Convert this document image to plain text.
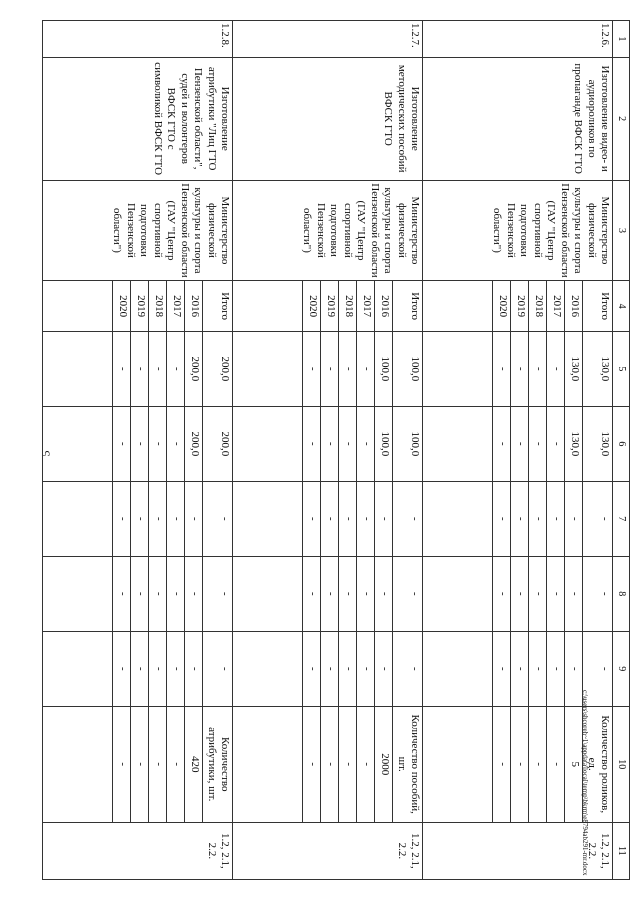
5
1	2	3	4	5	6	7	8	9	10	11
1.2.6.	Изготовление видео- и аудиороликов по пропаганде ВФСК ГТО	Министерство физической культуры и спорта Пензенской области (ГАУ "Центр спортивной подготовки Пензенской области")	Итого	130,0	130,0	-	-	-	Количество роликов, ед.	1.2, 2.1, 2.2.
			2016	130,0	130,0	-	-	-	5	
			2017	-	-	-	-	-	-	
			2018	-	-	-	-	-	-	
			2019	-	-	-	-	-	-	
			2020	-	-	-	-	-	-	

1.2.7.	Изготовление методических пособий ВФСК ГТО	Министерство физической культуры и спорта Пензенской области (ГАУ "Центр спортивной подготовки Пензенской области")	Итого	100,0	100,0	-	-	-	Количество пособий, шт.	1.2, 2.1, 2.2.
			2016	100,0	100,0	-	-	-	2000	
			2017	-	-	-	-	-	-	
			2018	-	-	-	-	-	-	
			2019	-	-	-	-	-	-	
			2020	-	-	-	-	-	-	

1.2.8.	Изготовление атрибутики "Лиц ГТО Пензенской области", судей и волонтеров ВФСК ГТО с символикой ВФСК ГТО	Министерство физической культуры и спорта Пензенской области (ГАУ "Центр спортивной подготовки Пензенской области")	Итого	200,0	200,0	-	-	-	Количество атрибутики, шт.	1.2, 2.1, 2.2.
			2016	200,0	200,0	-	-	-	420	
			2017	-	-	-	-	-	-	
			2018	-	-	-	-	-	-	
			2019	-	-	-	-	-	-	
			2020	-	-	-	-	-	-	
							c:\users\shcoreh~1\appdata\local\temp\bkrm\e8794ab291-mr.docx
